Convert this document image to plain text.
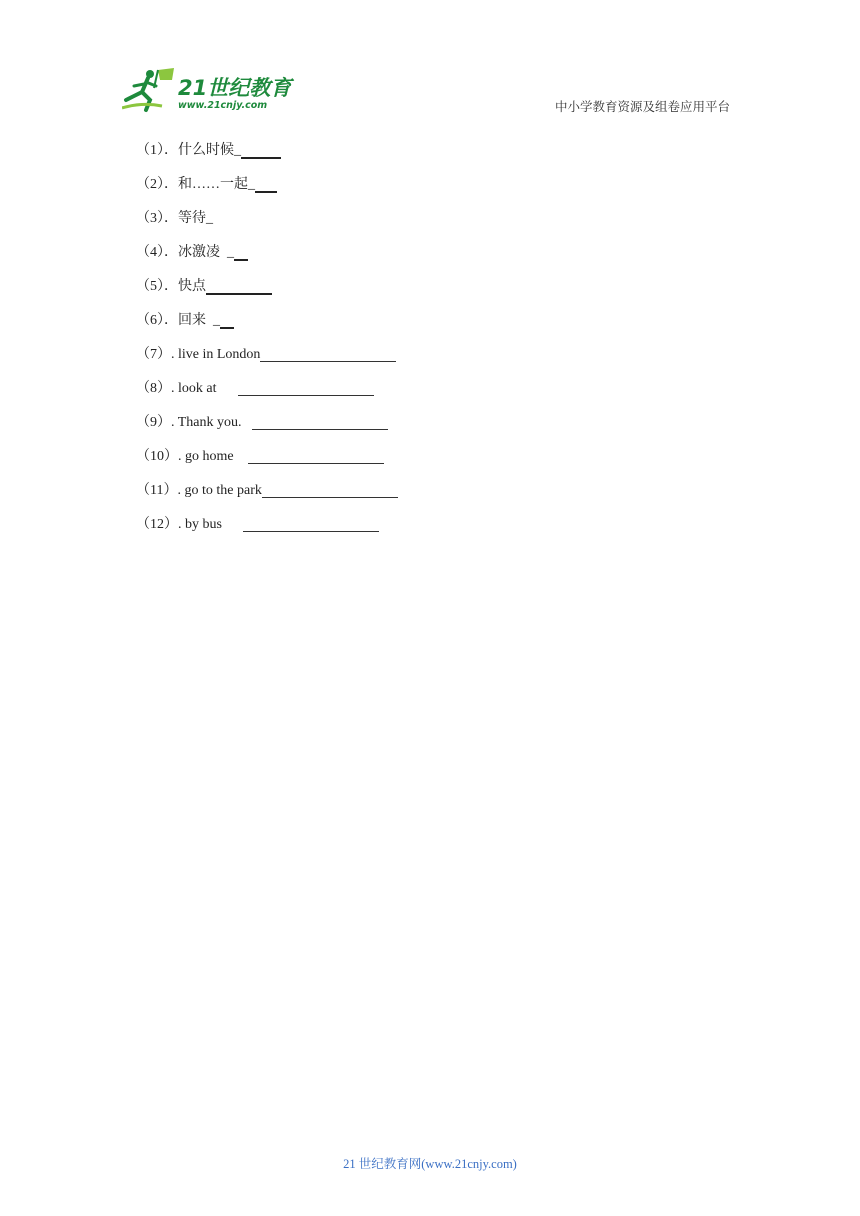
21世纪教育
www.21cnjy.com	中小学教育资源及组卷应用平台
（1）． 什么时候_
（2）． 和……一起_
（3）． 等待_
（4）． 冰激凌  _
（5）． 快点
（6）． 回来  _
（7） . live in London
（8） . look at
（9） . Thank you.
（10） . go home
（11） . go to the park
（12） . by bus
21 世纪教育网(www.21cnjy.com)
